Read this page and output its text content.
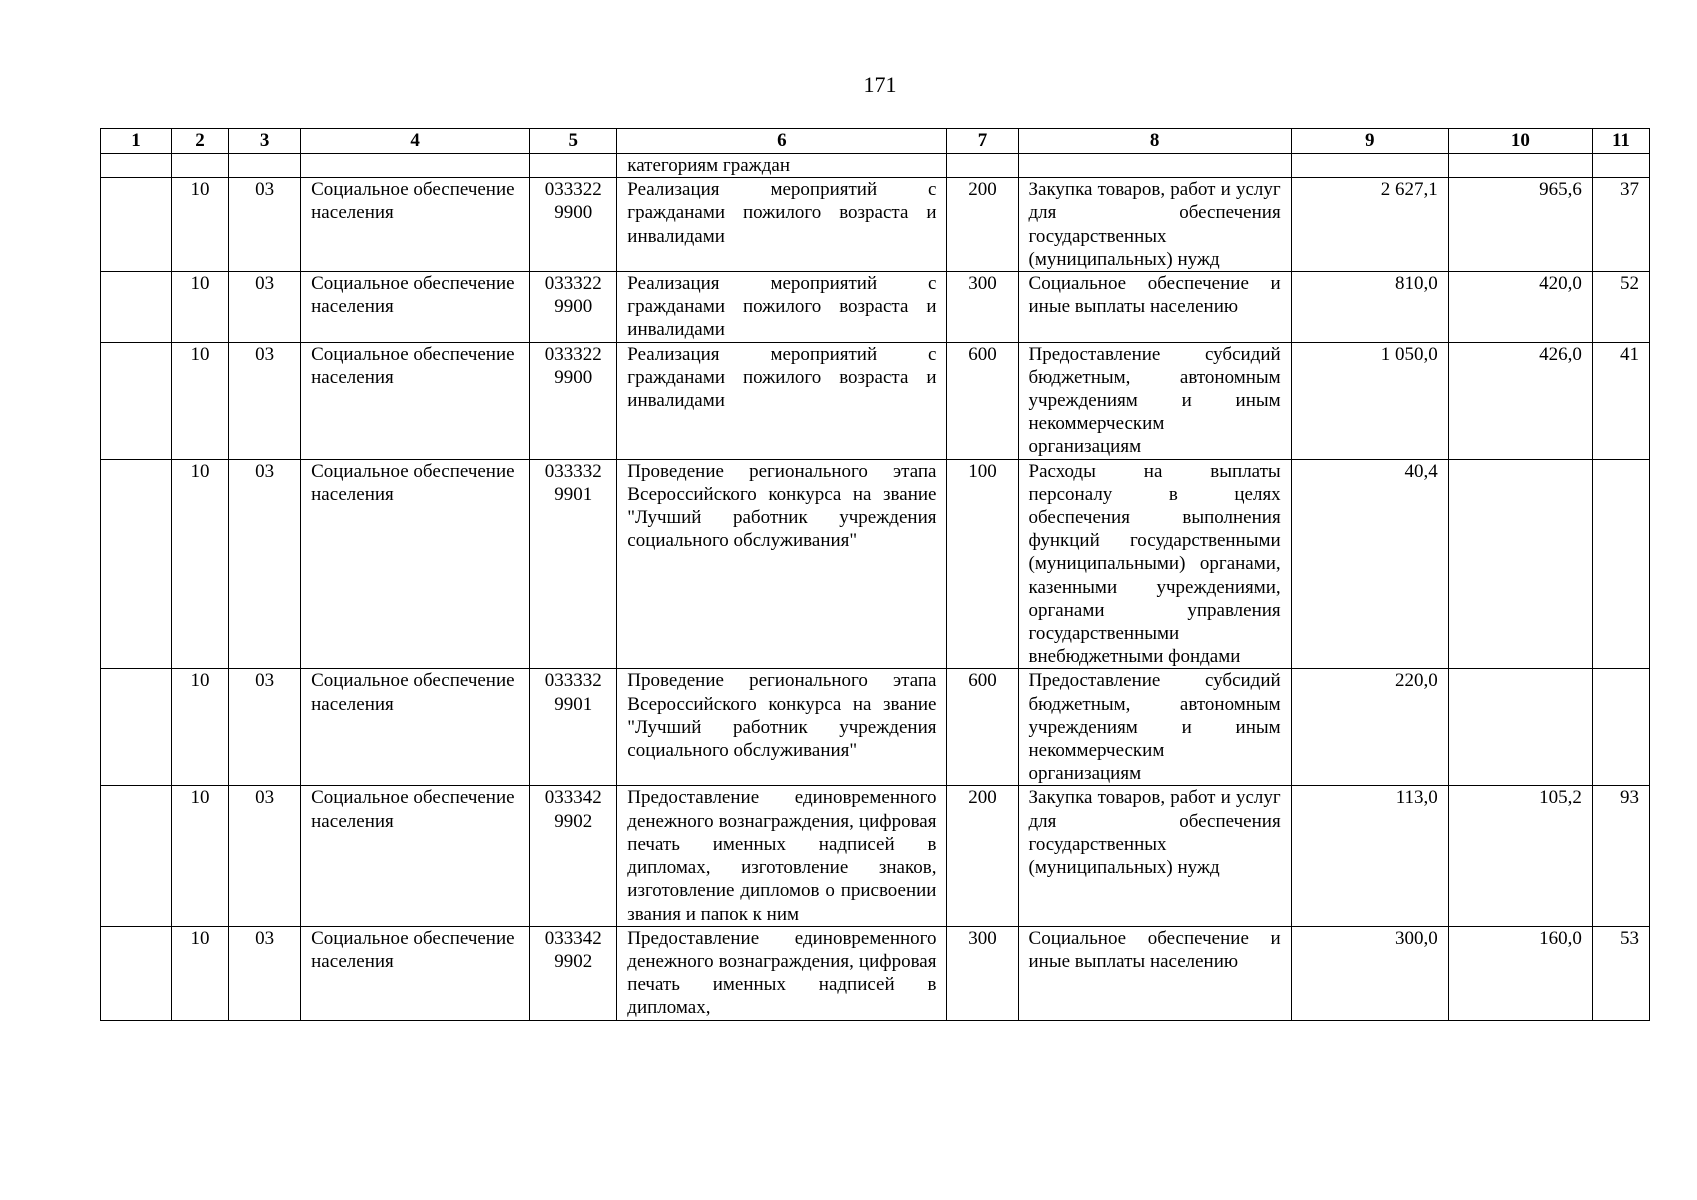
171
1	2	3	4	5	6	7	8	9	10	11
					категориям граждан					
	10	03	Социальное обеспечение населения	033322 9900	Реализация мероприятий с гражданами пожилого возраста и инвалидами	200	Закупка товаров, работ и услуг для обеспечения государственных (муниципальных) нужд	2 627,1	965,6	37
	10	03	Социальное обеспечение населения	033322 9900	Реализация мероприятий с гражданами пожилого возраста и инвалидами	300	Социальное обеспечение и иные выплаты населению	810,0	420,0	52
	10	03	Социальное обеспечение населения	033322 9900	Реализация мероприятий с гражданами пожилого возраста и инвалидами	600	Предоставление субсидий бюджетным, автономным учреждениям и иным некоммерческим организациям	1 050,0	426,0	41
	10	03	Социальное обеспечение населения	033332 9901	Проведение регионального этапа Всероссийского конкурса на звание "Лучший работник учреждения социального обслуживания"	100	Расходы на выплаты персоналу в целях обеспечения выполнения функций государственными (муниципальными) органами, казенными учреждениями, органами управления государственными внебюджетными фондами	40,4		
	10	03	Социальное обеспечение населения	033332 9901	Проведение регионального этапа Всероссийского конкурса на звание "Лучший работник учреждения социального обслуживания"	600	Предоставление субсидий бюджетным, автономным учреждениям и иным некоммерческим организациям	220,0		
	10	03	Социальное обеспечение населения	033342 9902	Предоставление единовременного денежного вознаграждения, цифровая печать именных надписей в дипломах, изготовление знаков, изготовление дипломов о присвоении звания и папок к ним	200	Закупка товаров, работ и услуг для обеспечения государственных (муниципальных) нужд	113,0	105,2	93
	10	03	Социальное обеспечение населения	033342 9902	Предоставление единовременного денежного вознаграждения, цифровая печать именных надписей в дипломах,	300	Социальное обеспечение и иные выплаты населению	300,0	160,0	53
